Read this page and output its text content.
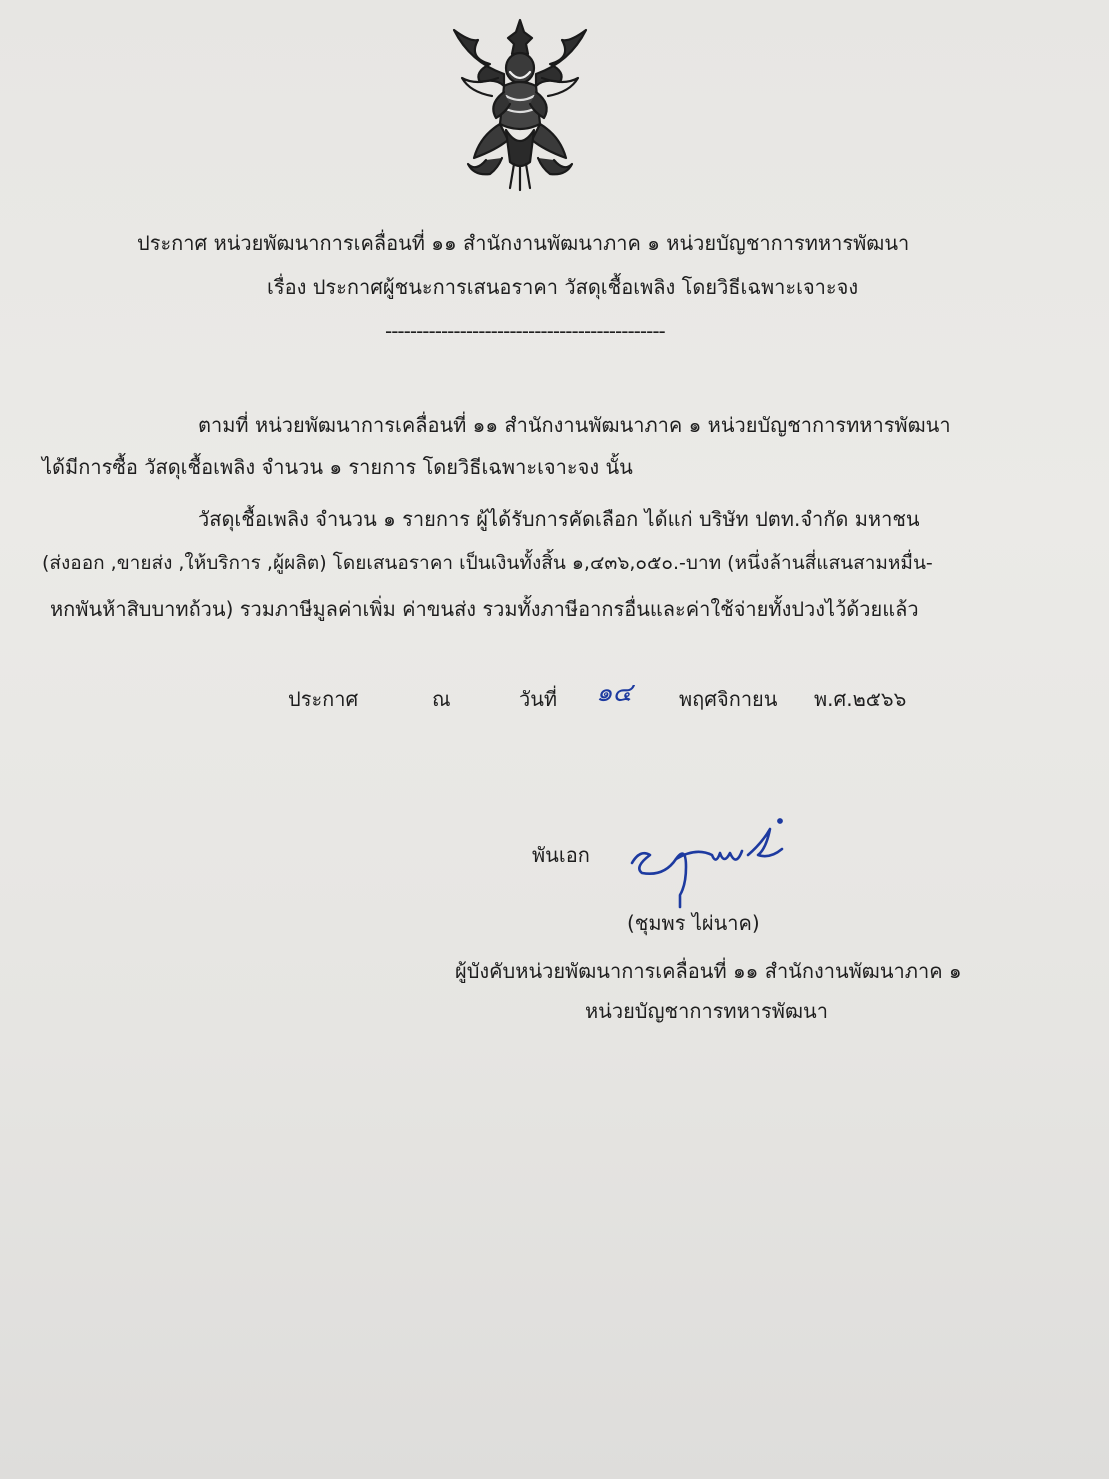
ประกาศ หน่วยพัฒนาการเคลื่อนที่ ๑๑ สำนักงานพัฒนาภาค ๑ หน่วยบัญชาการทหารพัฒนา
เรื่อง ประกาศผู้ชนะการเสนอราคา วัสดุเชื้อเพลิง โดยวิธีเฉพาะเจาะจง
---------------------------------------------
ตามที่ หน่วยพัฒนาการเคลื่อนที่ ๑๑ สำนักงานพัฒนาภาค ๑ หน่วยบัญชาการทหารพัฒนา
ได้มีการซื้อ วัสดุเชื้อเพลิง จำนวน ๑ รายการ โดยวิธีเฉพาะเจาะจง นั้น
วัสดุเชื้อเพลิง จำนวน ๑ รายการ ผู้ได้รับการคัดเลือก ได้แก่ บริษัท ปตท.จำกัด มหาชน
(ส่งออก ,ขายส่ง ,ให้บริการ ,ผู้ผลิต) โดยเสนอราคา เป็นเงินทั้งสิ้น ๑,๔๓๖,๐๕๐.-บาท (หนึ่งล้านสี่แสนสามหมื่น-
หกพันห้าสิบบาทถ้วน) รวมภาษีมูลค่าเพิ่ม ค่าขนส่ง รวมทั้งภาษีอากรอื่นและค่าใช้จ่ายทั้งปวงไว้ด้วยแล้ว
ประกาศ	ณ	วันที่ ๑๔ พฤศจิกายน พ.ศ.๒๕๖๖
พันเอก
(ชุมพร ไผ่นาค)
ผู้บังคับหน่วยพัฒนาการเคลื่อนที่ ๑๑ สำนักงานพัฒนาภาค ๑
หน่วยบัญชาการทหารพัฒนา
